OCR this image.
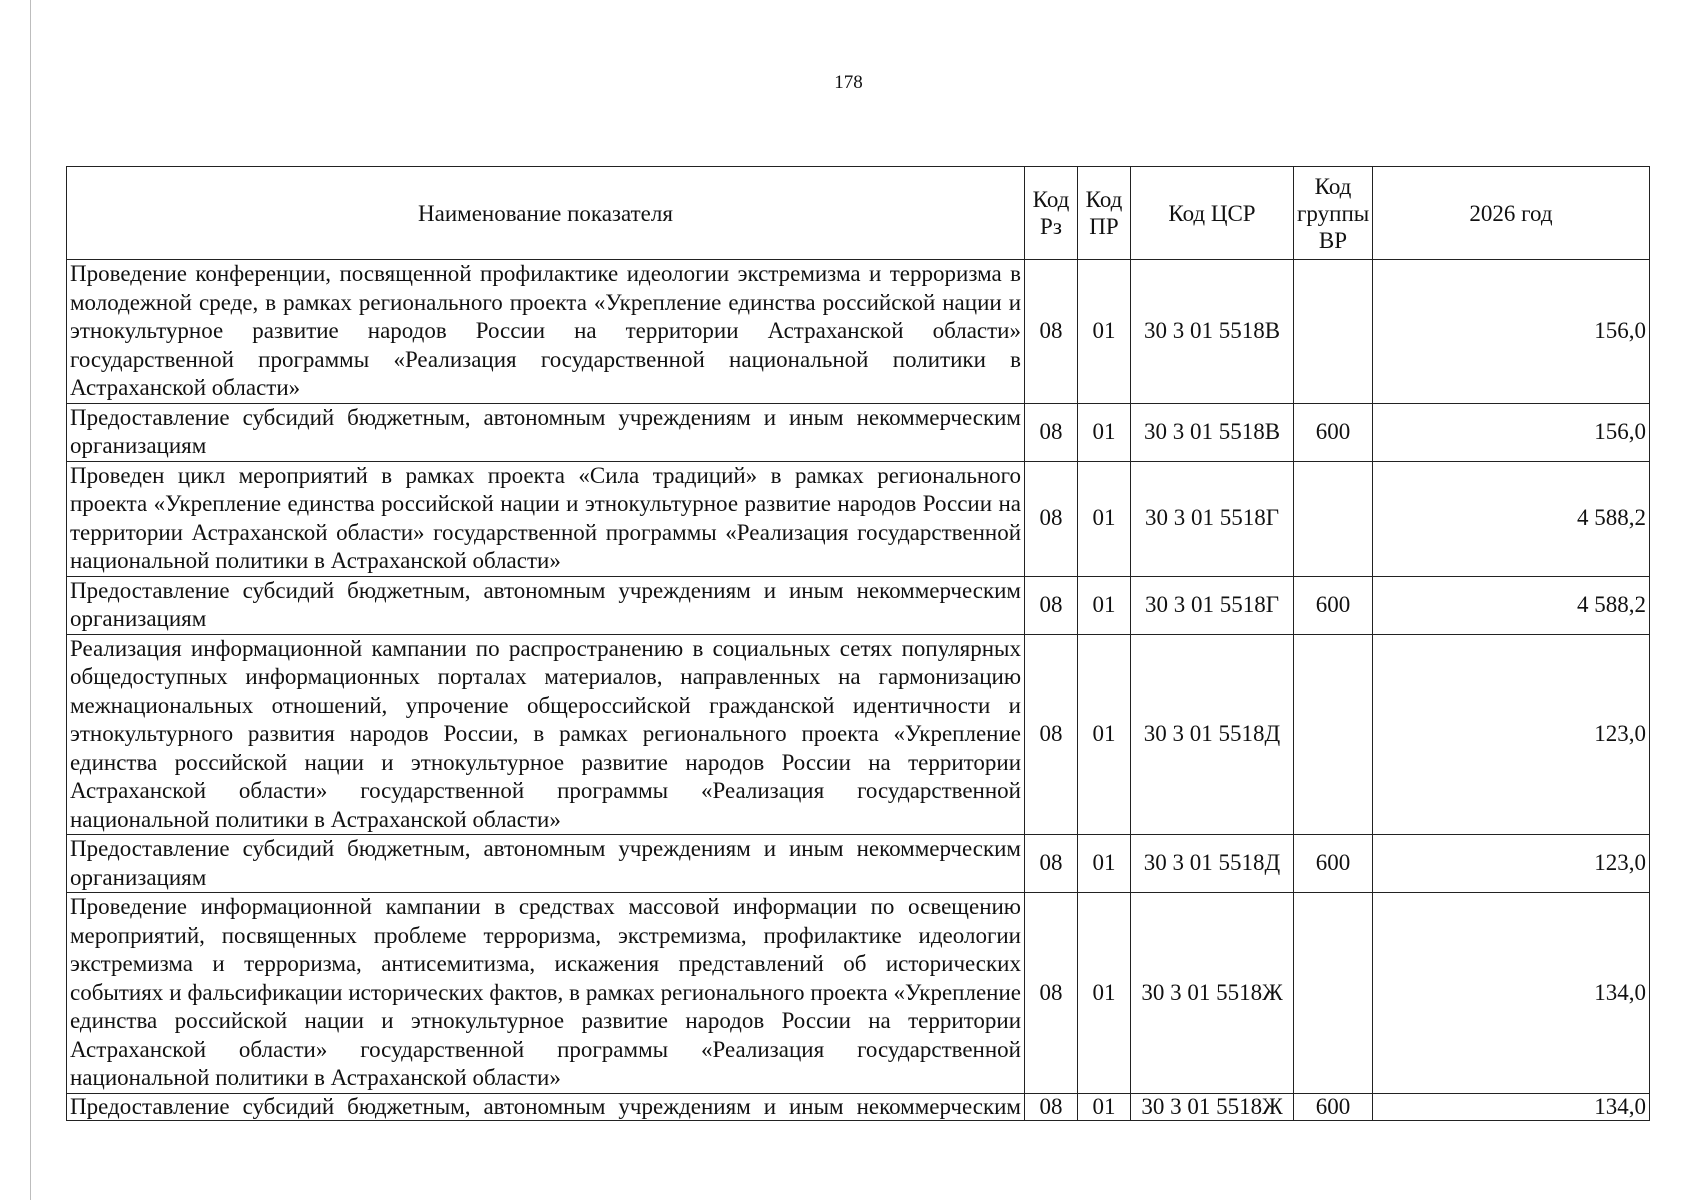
178
Наименование показателя	Код Рз	Код ПР	Код ЦСР	Код группы ВР	2026 год
Проведение конференции, посвященной профилактике идеологии экстремизма и терроризма в молодежной среде, в рамках регионального проекта «Укрепление единства российской нации и этнокультурное развитие народов России на территории Астраханской области» государственной программы «Реализация государственной национальной политики в Астраханской области»	08	01	30 3 01 5518В		156,0
Предоставление субсидий бюджетным, автономным учреждениям и иным некоммерческим организациям	08	01	30 3 01 5518В	600	156,0
Проведен цикл мероприятий в рамках проекта «Сила традиций» в рамках регионального проекта «Укрепление единства российской нации и этнокультурное развитие народов России на территории Астраханской области» государственной программы «Реализация государственной национальной политики в Астраханской области»	08	01	30 3 01 5518Г		4 588,2
Предоставление субсидий бюджетным, автономным учреждениям и иным некоммерческим организациям	08	01	30 3 01 5518Г	600	4 588,2
Реализация информационной кампании по распространению в социальных сетях популярных общедоступных информационных порталах материалов, направленных на гармонизацию межнациональных отношений, упрочение общероссийской гражданской идентичности и этнокультурного развития народов России, в рамках регионального проекта «Укрепление единства российской нации и этнокультурное развитие народов России на территории Астраханской области» государственной программы «Реализация государственной национальной политики в Астраханской области»	08	01	30 3 01 5518Д		123,0
Предоставление субсидий бюджетным, автономным учреждениям и иным некоммерческим организациям	08	01	30 3 01 5518Д	600	123,0
Проведение информационной кампании в средствах массовой информации по освещению мероприятий, посвященных проблеме терроризма, экстремизма, профилактике идеологии экстремизма и терроризма, антисемитизма, искажения представлений об исторических событиях и фальсификации исторических фактов, в рамках регионального проекта «Укрепление единства российской нации и этнокультурное развитие народов России на территории Астраханской области» государственной программы «Реализация государственной национальной политики в Астраханской области»	08	01	30 3 01 5518Ж		134,0
Предоставление субсидий бюджетным, автономным учреждениям и иным некоммерческим	08	01	30 3 01 5518Ж	600	134,0
